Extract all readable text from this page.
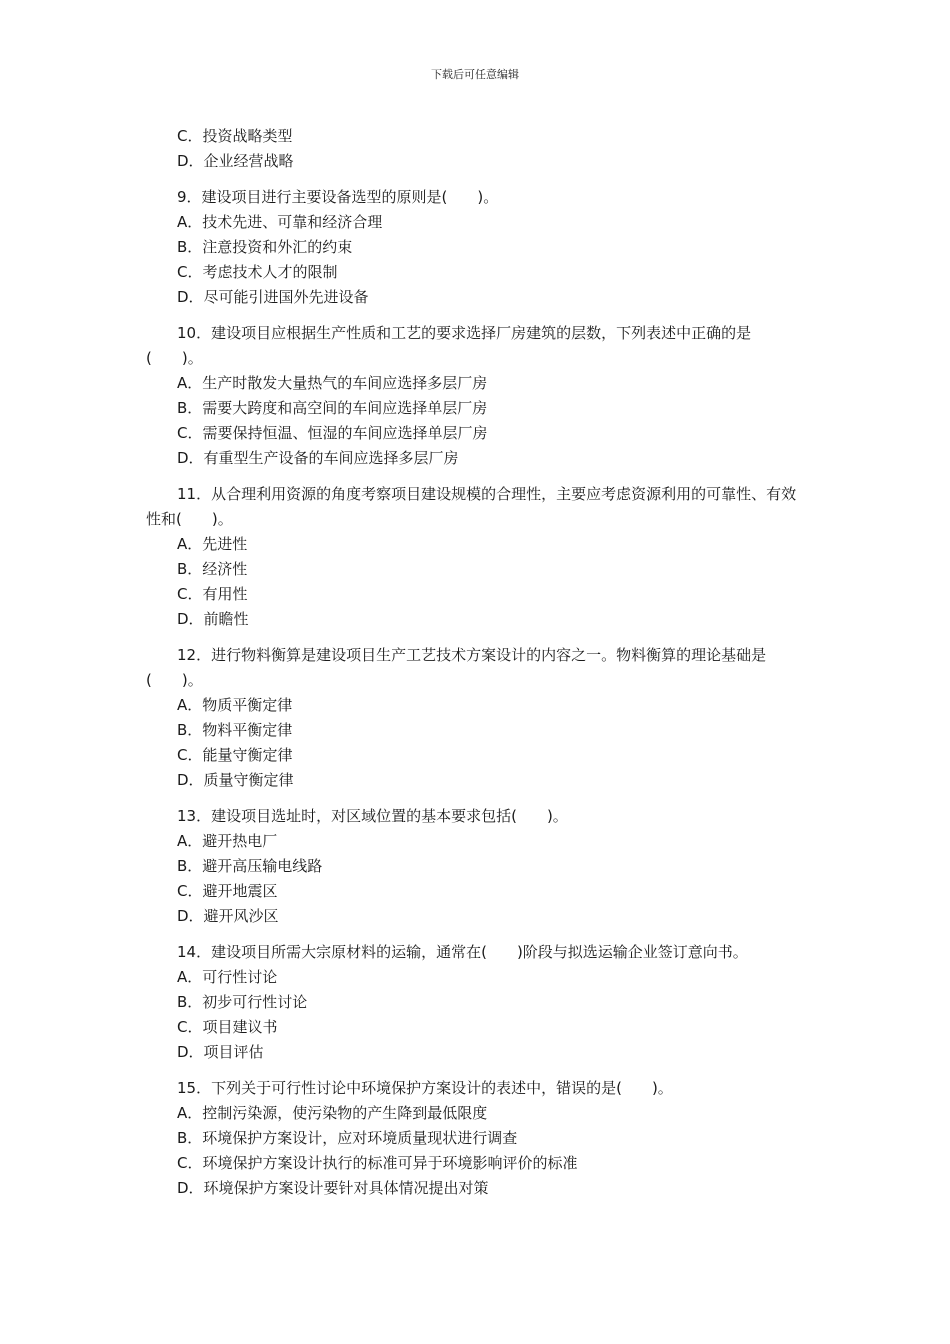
下载后可任意编辑
C．投资战略类型
D．企业经营战略
9．建设项目进行主要设备选型的原则是(　　)。
A．技术先进、可靠和经济合理
B．注意投资和外汇的约束
C．考虑技术人才的限制
D．尽可能引进国外先进设备
10．建设项目应根据生产性质和工艺的要求选择厂房建筑的层数，下列表述中正确的是(　　)。
A．生产时散发大量热气的车间应选择多层厂房
B．需要大跨度和高空间的车间应选择单层厂房
C．需要保持恒温、恒湿的车间应选择单层厂房
D．有重型生产设备的车间应选择多层厂房
11．从合理利用资源的角度考察项目建设规模的合理性，主要应考虑资源利用的可靠性、有效性和(　　)。
A．先进性
B．经济性
C．有用性
D．前瞻性
12．进行物料衡算是建设项目生产工艺技术方案设计的内容之一。物料衡算的理论基础是(　　)。
A．物质平衡定律
B．物料平衡定律
C．能量守衡定律
D．质量守衡定律
13．建设项目选址时，对区域位置的基本要求包括(　　)。
A．避开热电厂
B．避开高压输电线路
C．避开地震区
D．避开风沙区
14．建设项目所需大宗原材料的运输，通常在(　　)阶段与拟选运输企业签订意向书。
A．可行性讨论
B．初步可行性讨论
C．项目建议书
D．项目评估
15．下列关于可行性讨论中环境保护方案设计的表述中，错误的是(　　)。
A．控制污染源，使污染物的产生降到最低限度
B．环境保护方案设计，应对环境质量现状进行调查
C．环境保护方案设计执行的标准可异于环境影响评价的标准
D．环境保护方案设计要针对具体情况提出对策
